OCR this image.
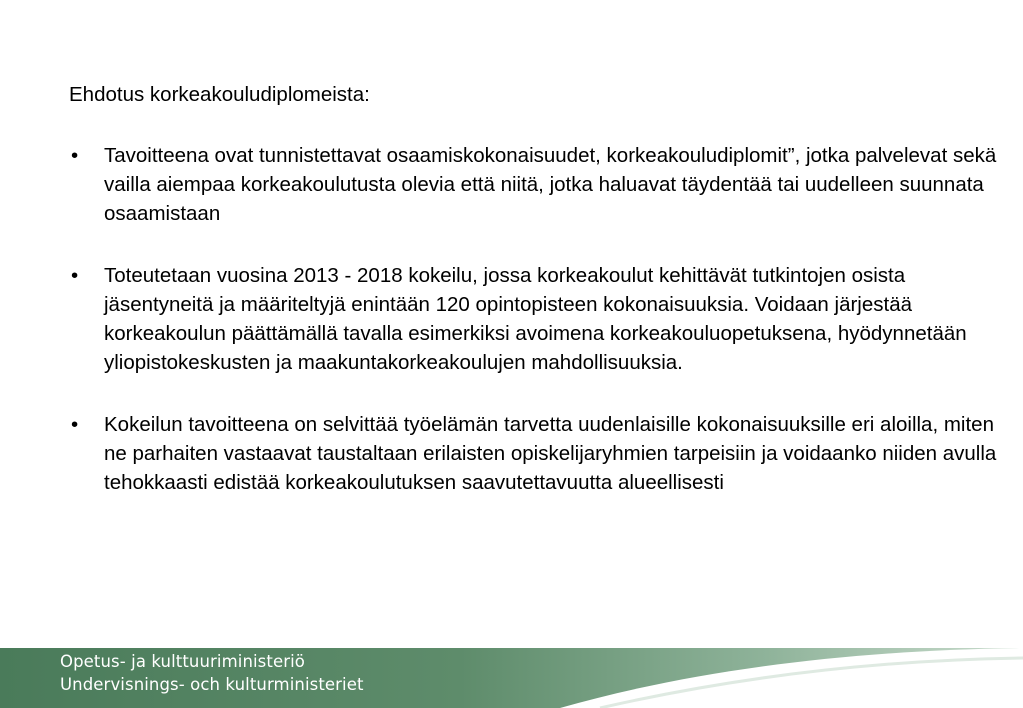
Ehdotus korkeakouludiplomeista:

• Tavoitteena ovat tunnistettavat osaamiskokonaisuudet, korkeakouludiplomit”, jotka palvelevat sekä vailla aiempaa korkeakoulutusta olevia että niitä, jotka haluavat täydentää tai uudelleen suunnata osaamistaan
• Toteutetaan vuosina 2013 - 2018 kokeilu, jossa korkeakoulut kehittävät tutkintojen osista jäsentyneitä ja määriteltyjä enintään 120 opintopisteen kokonaisuuksia. Voidaan järjestää korkeakoulun päättämällä tavalla esimerkiksi avoimena korkeakouluopetuksena, hyödynnetään yliopistokeskusten ja maakuntakorkeakoulujen mahdollisuuksia.
• Kokeilun tavoitteena on selvittää työelämän tarvetta uudenlaisille kokonaisuuksille eri aloilla, miten ne parhaiten vastaavat taustaltaan erilaisten opiskelijaryhmien tarpeisiin ja voidaanko niiden avulla tehokkaasti edistää korkeakoulutuksen saavutettavuutta alueellisesti
Opetus- ja kulttuuriministeriö
Undervisnings- och kulturministeriet
